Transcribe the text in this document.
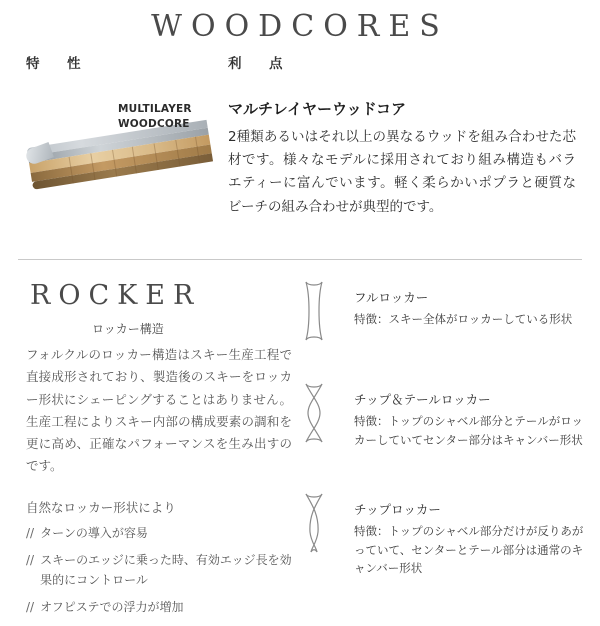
WOODCORES
特　性	利　点
MULTILAYER
WOODCORE
マルチレイヤーウッドコア
2種類あるいはそれ以上の異なるウッドを組み合わせた芯材です。様々なモデルに採用されており組み構造もバラエティーに富んでいます。軽く柔らかいポプラと硬質なビーチの組み合わせが典型的です。
ROCKER
ロッカー構造
フォルクルのロッカー構造はスキー生産工程で直接成形されており、製造後のスキーをロッカー形状にシェーピングすることはありません。生産工程によりスキー内部の構成要素の調和を更に高め、正確なパフォーマンスを生み出すのです。
自然なロッカー形状により
// ターンの導入が容易
// スキーのエッジに乗った時、有効エッジ長を効果的にコントロール
// オフピステでの浮力が増加
フルロッカー
特徴：スキー全体がロッカーしている形状
チップ＆テールロッカー
特徴：トップのシャベル部分とテールがロッカーしていてセンター部分はキャンバー形状
チップロッカー
特徴：トップのシャベル部分だけが反りあがっていて、センターとテール部分は通常のキャンバー形状
